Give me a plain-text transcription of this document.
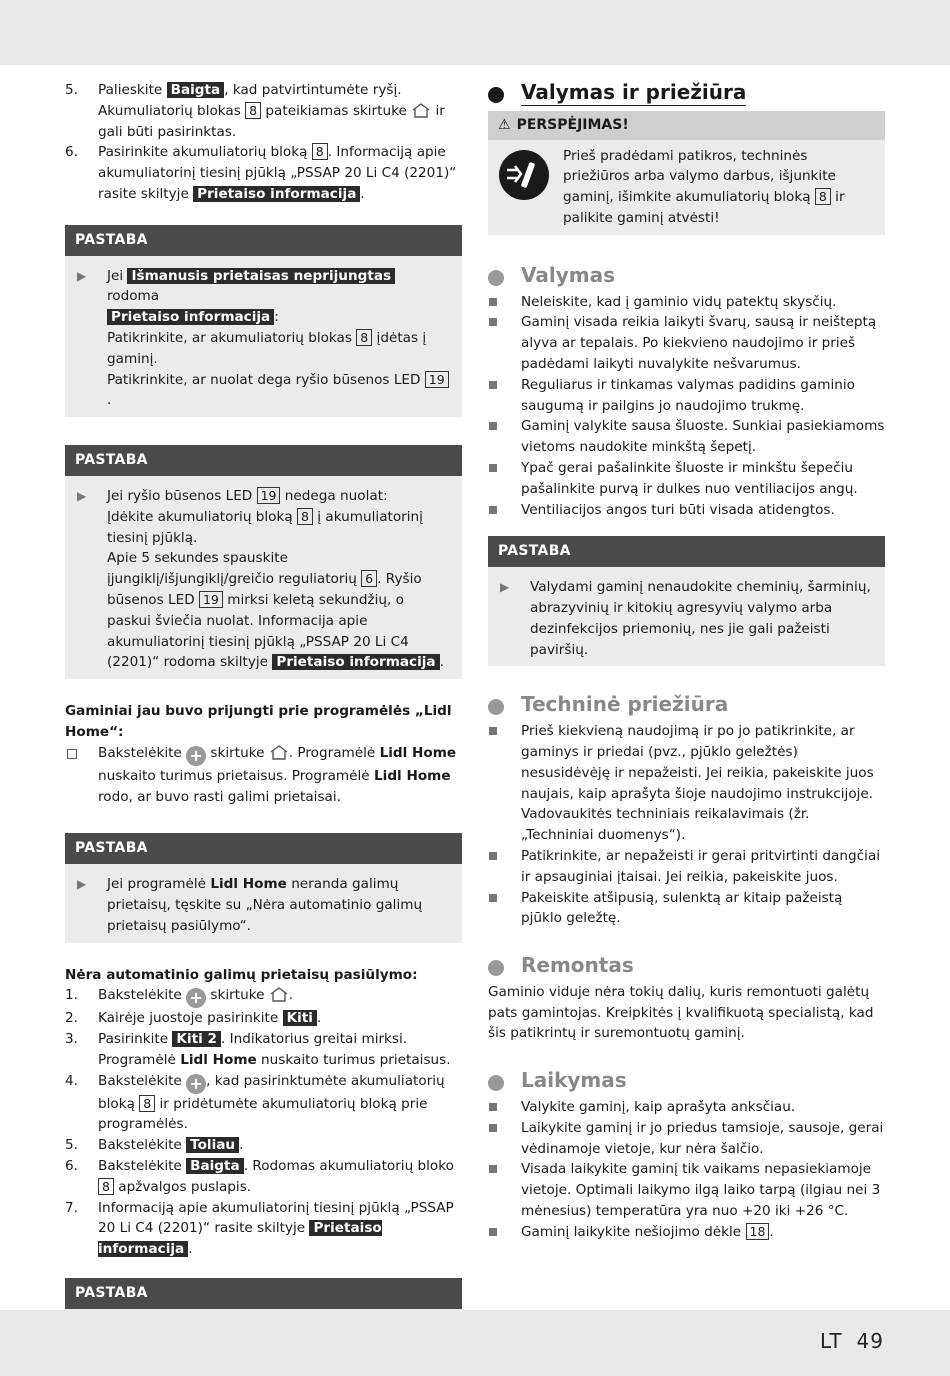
5. Palieskite Baigta , kad patvirtintumėte ryšį. Akumuliatorių blokas 8 pateikiamas skirtuke  ir gali būti pasirinktas.
6. Pasirinkite akumuliatorių bloką 8 . Informaciją apie akumuliatorinį tiesinį pjūklą „PSSAP 20 Li C4 (2201)“ rasite skiltyje Prietaiso informacija .
PASTABA
▶	Jei Išmanusis prietaisas neprijungtas rodoma
Prietaiso informacija :
Patikrinkite, ar akumuliatorių blokas 8 įdėtas į gaminį.
Patikrinkite, ar nuolat dega ryšio būsenos LED 19.
PASTABA
▶	Jei ryšio būsenos LED 19 nedega nuolat:
Įdėkite akumuliatorių bloką 8 į akumuliatorinį tiesinį pjūklą.
Apie 5 sekundes spauskite įjungiklį/išjungiklį/greičio reguliatorių 6 . Ryšio būsenos LED 19 mirksi keletą sekundžių, o paskui šviečia nuolat. Informacija apie akumuliatorinį tiesinį pjūklą „PSSAP 20 Li C4 (2201)“ rodoma skiltyje Prietaiso informacija .
Gaminiai jau buvo prijungti prie programėlės „Lidl Home“:
Bakstelėkite + skirtuke . Programėlė Lidl Home nuskaito turimus prietaisus. Programėlė Lidl Home rodo, ar buvo rasti galimi prietaisai.
PASTABA
▶	Jei programėlė Lidl Home neranda galimų prietaisų, tęskite su „Nėra automatinio galimų prietaisų pasiūlymo“.
Nėra automatinio galimų prietaisų pasiūlymo:
1. Bakstelėkite + skirtuke .
2. Kairėje juostoje pasirinkite Kiti .
3. Pasirinkite Kiti 2 . Indikatorius greitai mirksi. Programėlė Lidl Home nuskaito turimus prietaisus.
4. Bakstelėkite + , kad pasirinktumėte akumuliatorių bloką 8 ir pridėtumėte akumuliatorių bloką prie programėlės.
5. Bakstelėkite Toliau .
6. Bakstelėkite Baigta . Rodomas akumuliatorių bloko 8 apžvalgos puslapis.
7. Informaciją apie akumuliatorinį tiesinį pjūklą „PSSAP 20 Li C4 (2201)“ rasite skiltyje Prietaiso informacija .
PASTABA
Valymas ir priežiūra
⚠ PERSPĖJIMAS!
Prieš pradėdami patikros, techninės priežiūros arba valymo darbus, išjunkite gaminį, išimkite akumuliatorių bloką 8 ir palikite gaminį atvėsti!
Valymas
Neleiskite, kad į gaminio vidų patektų skysčių.
Gaminį visada reikia laikyti švarų, sausą ir neišteptą alyva ar tepalais. Po kiekvieno naudojimo ir prieš padėdami laikyti nuvalykite nešvarumus.
Reguliarus ir tinkamas valymas padidins gaminio saugumą ir pailgins jo naudojimo trukmę.
Gaminį valykite sausa šluoste. Sunkiai pasiekiamoms vietoms naudokite minkštą šepetį.
Ypač gerai pašalinkite šluoste ir minkštu šepečiu pašalinkite purvą ir dulkes nuo ventiliacijos angų.
Ventiliacijos angos turi būti visada atidengtos.
PASTABA
▶	Valydami gaminį nenaudokite cheminių, šarminių, abrazyvinių ir kitokių agresyvių valymo arba dezinfekcijos priemonių, nes jie gali pažeisti paviršių.
Techninė priežiūra
Prieš kiekvieną naudojimą ir po jo patikrinkite, ar gaminys ir priedai (pvz., pjūklo geležtės) nesusidėvėję ir nepažeisti. Jei reikia, pakeiskite juos naujais, kaip aprašyta šioje naudojimo instrukcijoje. Vadovaukitės techniniais reikalavimais (žr. „Techniniai duomenys“).
Patikrinkite, ar nepažeisti ir gerai pritvirtinti dangčiai ir apsauginiai įtaisai. Jei reikia, pakeiskite juos.
Pakeiskite atšipusią, sulenktą ar kitaip pažeistą pjūklo geležtę.
Remontas
Gaminio viduje nėra tokių dalių, kuris remontuoti galėtų pats gamintojas. Kreipkitės į kvalifikuotą specialistą, kad šis patikrintų ir suremontuotų gaminį.
Laikymas
Valykite gaminį, kaip aprašyta anksčiau.
Laikykite gaminį ir jo priedus tamsioje, sausoje, gerai vėdinamoje vietoje, kur nėra šalčio.
Visada laikykite gaminį tik vaikams nepasiekiamoje vietoje. Optimali laikymo ilgą laiko tarpą (ilgiau nei 3 mėnesius) temperatūra yra nuo +20 iki +26 °C.
Gaminį laikykite nešiojimo dėkle 18 .
LT 49
